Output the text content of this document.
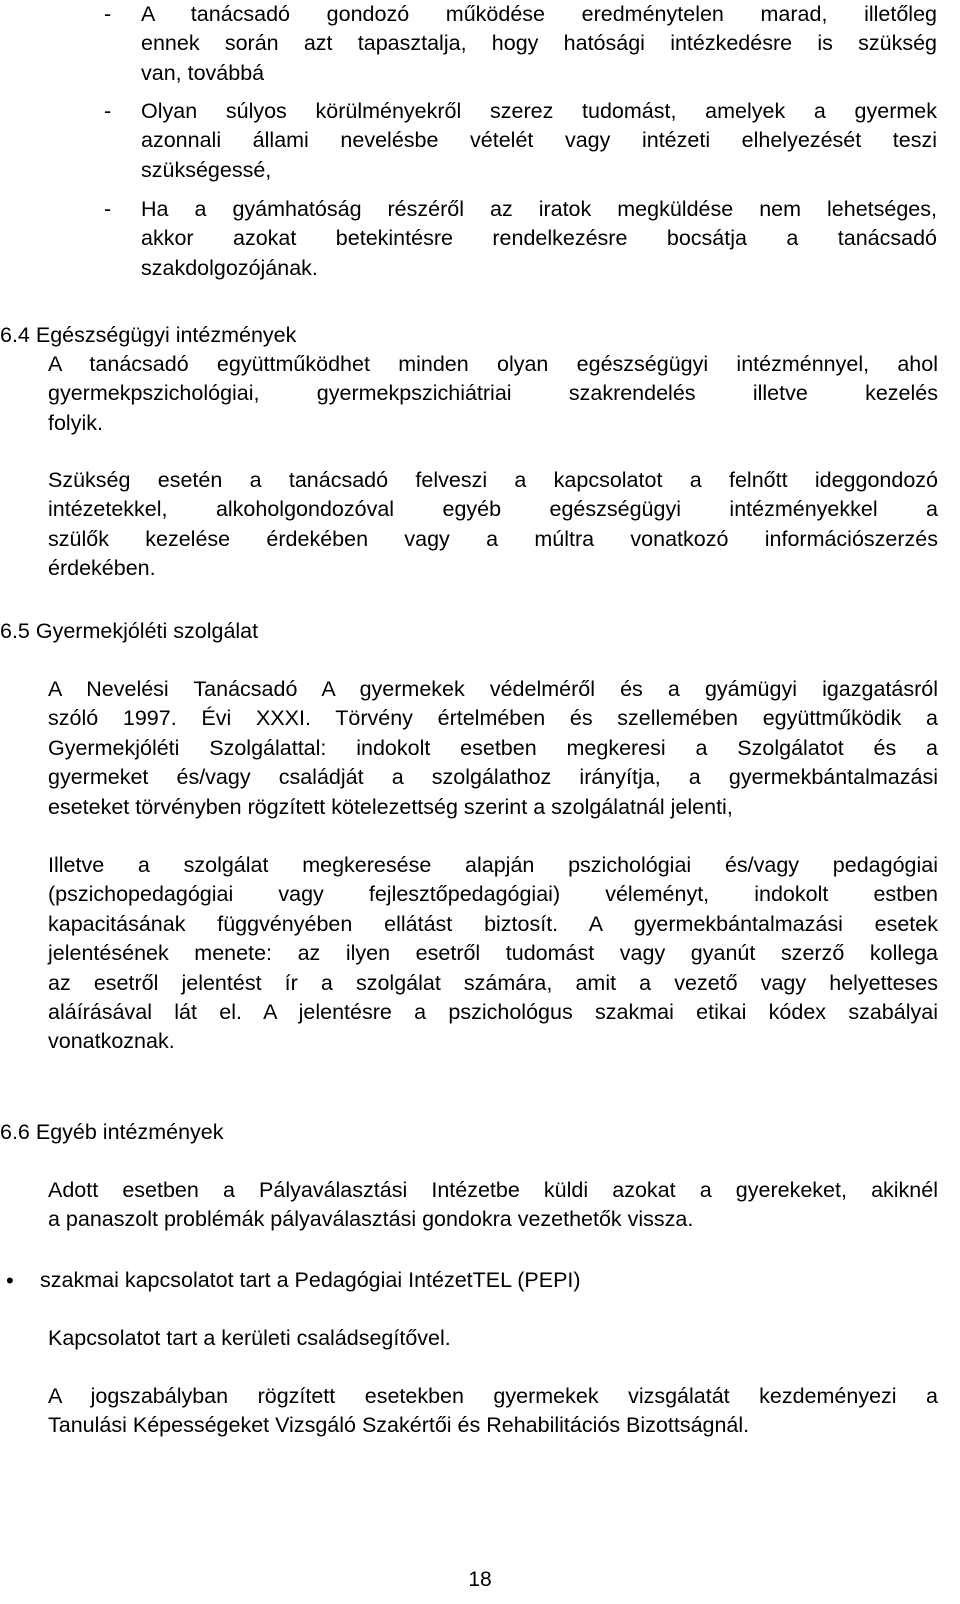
- A tanácsadó gondozó működése eredménytelen marad, illetőleg
ennek során azt tapasztalja, hogy hatósági intézkedésre is szükség
van, továbbá
- Olyan súlyos körülményekről szerez tudomást, amelyek a gyermek
azonnali állami nevelésbe vételét vagy intézeti elhelyezését teszi
szükségessé,
- Ha a gyámhatóság részéről az iratok megküldése nem lehetséges,
akkor azokat betekintésre rendelkezésre bocsátja a tanácsadó
szakdolgozójának.
6.4 Egészségügyi intézmények
A tanácsadó együttműködhet minden olyan egészségügyi intézménnyel, ahol
gyermekpszichológiai, gyermekpszichiátriai szakrendelés illetve kezelés
folyik.
Szükség esetén a tanácsadó felveszi a kapcsolatot a felnőtt ideggondozó
intézetekkel, alkoholgondozóval egyéb egészségügyi intézményekkel a
szülők kezelése érdekében vagy a múltra vonatkozó információszerzés
érdekében.
6.5 Gyermekjóléti szolgálat
A Nevelési Tanácsadó A gyermekek védelméről és a gyámügyi igazgatásról
szóló 1997. Évi XXXI. Törvény értelmében és szellemében együttműködik a
Gyermekjóléti Szolgálattal: indokolt esetben megkeresi a Szolgálatot és a
gyermeket és/vagy családját a szolgálathoz irányítja, a gyermekbántalmazási
eseteket törvényben rögzített kötelezettség szerint a szolgálatnál jelenti,
Illetve a szolgálat megkeresése alapján pszichológiai és/vagy pedagógiai
(pszichopedagógiai vagy fejlesztőpedagógiai) véleményt, indokolt estben
kapacitásának függvényében ellátást biztosít. A gyermekbántalmazási esetek
jelentésének menete: az ilyen esetről tudomást vagy gyanút szerző kollega
az esetről jelentést ír a szolgálat számára, amit a vezető vagy helyetteses
aláírásával lát el. A jelentésre a pszichológus szakmai etikai kódex szabályai
vonatkoznak.
6.6 Egyéb intézmények
Adott esetben a Pályaválasztási Intézetbe küldi azokat a gyerekeket, akiknél
a panaszolt problémák pályaválasztási gondokra vezethetők vissza.
• szakmai kapcsolatot tart a Pedagógiai IntézetTEL (PEPI)
Kapcsolatot tart a kerületi családsegítővel.
A jogszabályban rögzített esetekben gyermekek vizsgálatát kezdeményezi a
Tanulási Képességeket Vizsgáló Szakértői és Rehabilitációs Bizottságnál.
18
